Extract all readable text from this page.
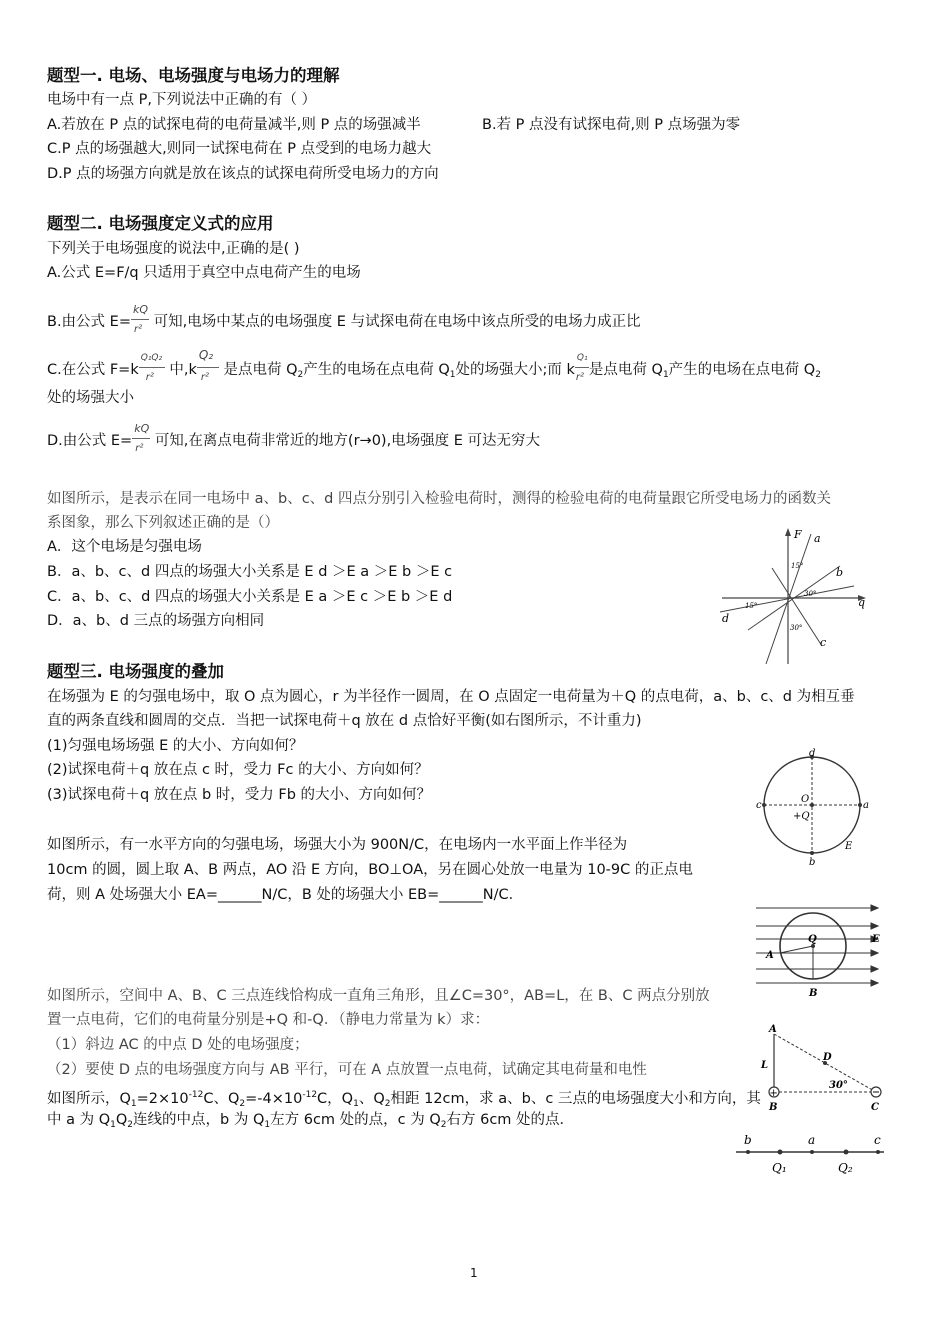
题型一. 电场、电场强度与电场力的理解
电场中有一点 P,下列说法中正确的有（ ）
A.若放在 P 点的试探电荷的电荷量减半,则 P 点的场强减半	B.若 P 点没有试探电荷,则 P 点场强为零
C.P 点的场强越大,则同一试探电荷在 P 点受到的电场力越大
D.P 点的场强方向就是放在该点的试探电荷所受电场力的方向
题型二. 电场强度定义式的应用
下列关于电场强度的说法中,正确的是( )
A.公式 E=F/q 只适用于真空中点电荷产生的电场
B.由公式 $E= \frac{kQ}{\text{r²}}$ 可知,电场中某点的电场强度 E 与试探电荷在电场中该点所受的电场力成正比
C.在公式 $F=k \frac{\text{Q₁Q₂}}{\text{r²}}$ 中$,k \frac{\text{Q₂}}{\text{r²}}$ 是点电荷 $Q_2$产生的电场在点电荷 $Q_1$处的场强大小;而 k $\frac{\text{Q₁}}{\text{r²}}$ 是点电荷 $Q_1$产生的电场在点电荷 $Q_2$
处的场强大小
D.由公式 $E= \frac{kQ}{\text{r²}}$ 可知,在离点电荷非常近的地方(r→0),电场强度 E 可达无穷大
如图所示，是表示在同一电场中 a、b、c、d 四点分别引入检验电荷时，测得的检验电荷的电荷量跟它所受电场力的函数关
系图象，那么下列叙述正确的是（）
A．这个电场是匀强电场
B．a、b、c、d 四点的场强大小关系是 E d ＞E a ＞E b ＞E c
C．a、b、c、d 四点的场强大小关系是 E a ＞E c ＞E b ＞E d
D．a、b、d 三点的场强方向相同
F
q
a
b
c
d
15°
30°
15°
30°
题型三. 电场强度的叠加
在场强为 E 的匀强电场中，取 O 点为圆心，r 为半径作一圆周，在 O 点固定一电荷量为＋Q 的点电荷，a、b、c、d 为相互垂
直的两条直线和圆周的交点．当把一试探电荷＋q 放在 d 点恰好平衡(如右图所示，不计重力)
(1)匀强电场场强 E 的大小、方向如何？
(2)试探电荷＋q 放在点 c 时，受力 Fc 的大小、方向如何？
(3)试探电荷＋q 放在点 b 时，受力 Fb 的大小、方向如何？
d
c	a
b
O
+Q
E
如图所示，有一水平方向的匀强电场，场强大小为 900N/C，在电场内一水平面上作半径为
10cm 的圆，圆上取 A、B 两点，AO 沿 E 方向，BO⊥OA，另在圆心处放一电量为 10-9C 的正点电
荷，则 A 处场强大小 EA=______N/C，B 处的场强大小 EB=______N/C．
Q	E
A
B
如图所示，空间中 A、B、C 三点连线恰构成一直角三角形，且∠C=30°，AB=L，在 B、C 两点分别放
置一点电荷，它们的电荷量分别是+Q 和-Q．（静电力常量为 k）求：
（1）斜边 AC 的中点 D 处的电场强度；
（2）要使 D 点的电场强度方向与 AB 平行，可在 A 点放置一点电荷，试确定其电荷量和电性
+
A
B	C
D
L
30°
如图所示，$Q_1=2\times 10^{-12}C$、$Q_2=-4\times 10^{-12}C$，$Q_1$、$Q_2$相距 12cm，求 a、b、c 三点的电场强度大小和方向，其
中 a 为 $Q_1Q_2$连线的中点，b 为 $Q_1$左方 6cm 处的点，c 为 $Q_2$右方 6cm 处的点．
b	a	c
Q₁	Q₂
1
